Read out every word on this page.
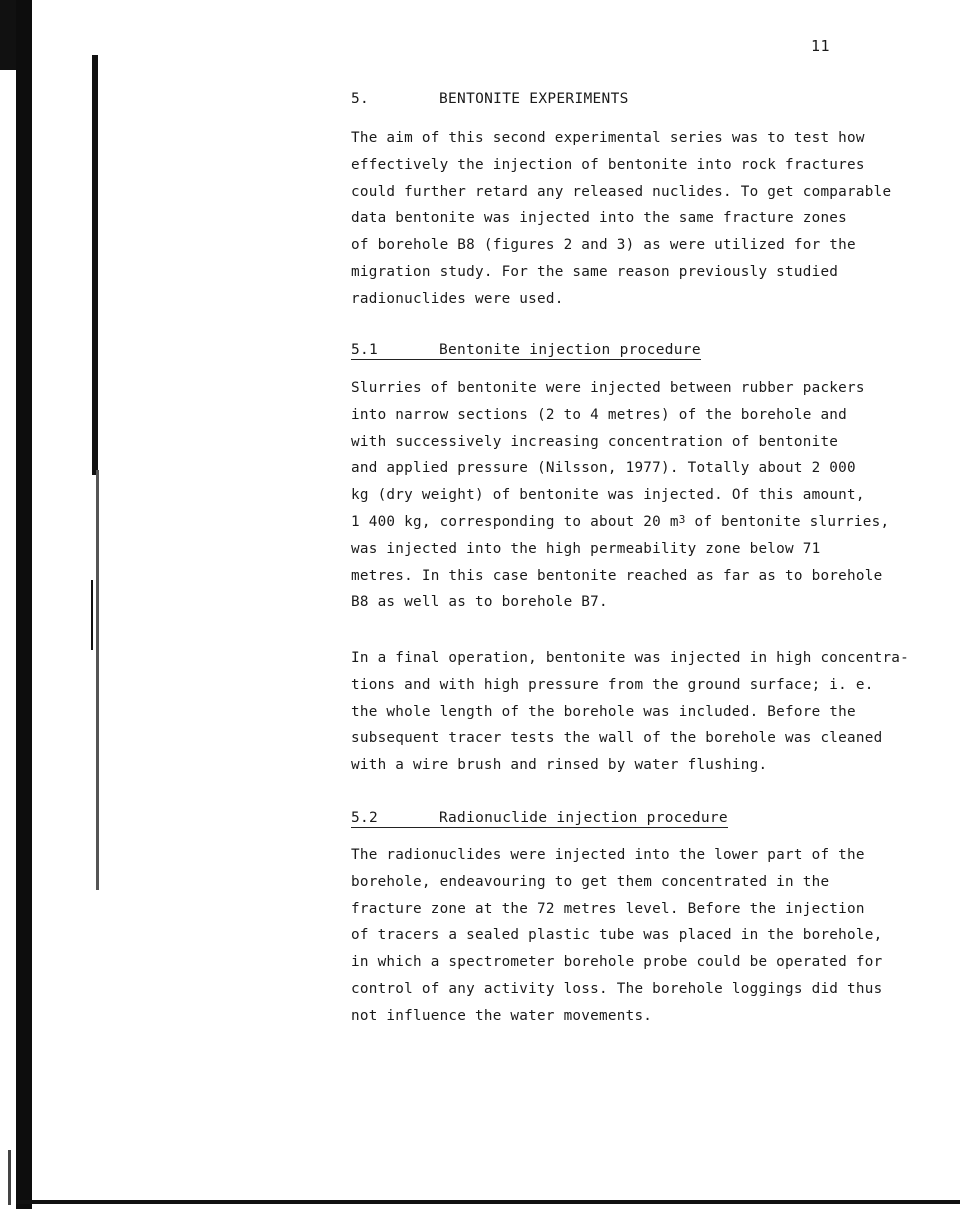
11
5.	BENTONITE EXPERIMENTS
The aim of this second experimental series was to test how
effectively the injection of bentonite into rock fractures
could further retard any released nuclides. To get comparable
data bentonite was injected into the same fracture zones
of borehole B8 (figures 2 and 3) as were utilized for the
migration study. For the same reason previously studied
radionuclides were used.
5.1	Bentonite injection procedure
Slurries of bentonite were injected between rubber packers
into narrow sections (2 to 4 metres) of the borehole and
with successively increasing concentration of bentonite
and applied pressure (Nilsson, 1977). Totally about 2 000
kg (dry weight) of bentonite was injected. Of this amount,
1 400 kg, corresponding to about 20 $m^3$ of bentonite slurries,
was injected into the high permeability zone below 71
metres. In this case bentonite reached as far as to borehole
B8 as well as to borehole B7.
In a final operation, bentonite was injected in high concentra-
tions and with high pressure from the ground surface; i. e.
the whole length of the borehole was included. Before the
subsequent tracer tests the wall of the borehole was cleaned
with a wire brush and rinsed by water flushing.
5.2	Radionuclide injection procedure
The radionuclides were injected into the lower part of the
borehole, endeavouring to get them concentrated in the
fracture zone at the 72 metres level. Before the injection
of tracers a sealed plastic tube was placed in the borehole,
in which a spectrometer borehole probe could be operated for
control of any activity loss. The borehole loggings did thus
not influence the water movements.
